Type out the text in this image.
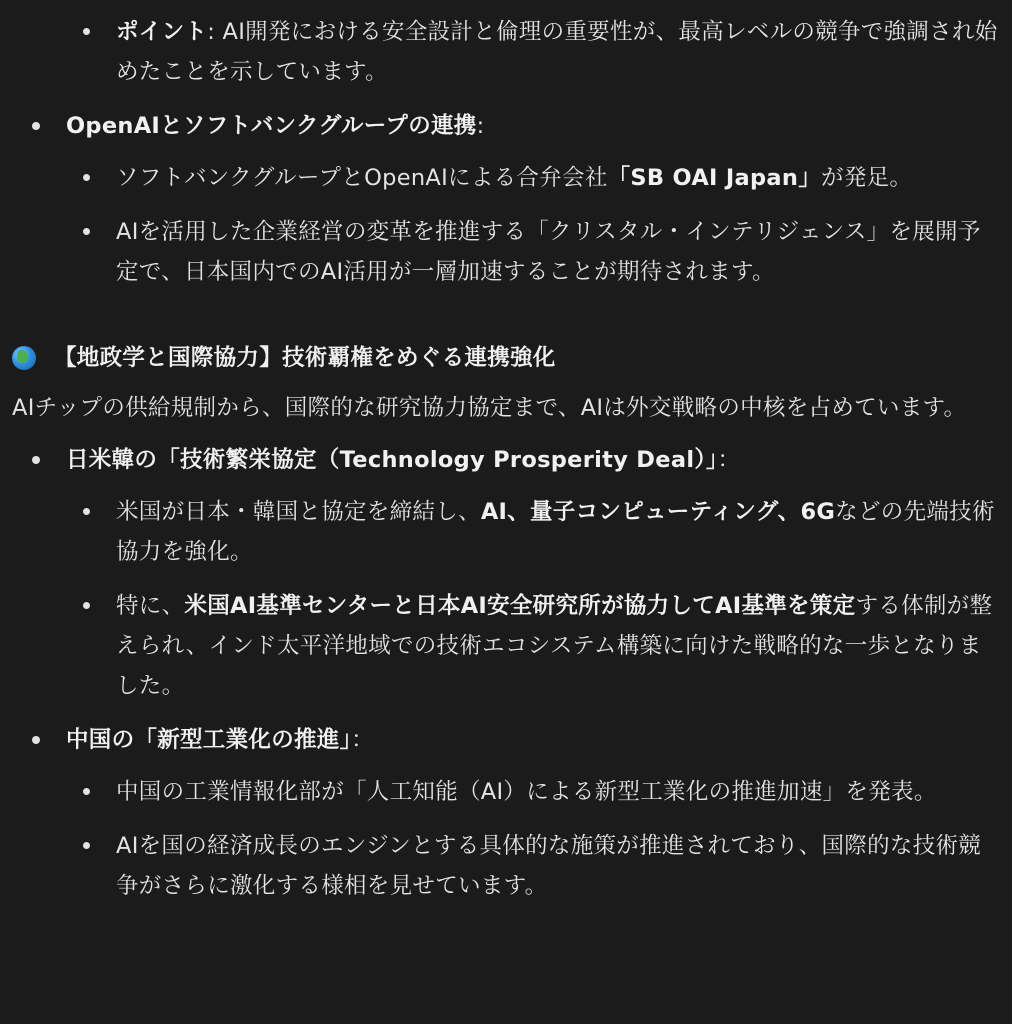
ポイント: AI開発における安全設計と倫理の重要性が、最高レベルの競争で強調され始めたことを示しています。
OpenAIとソフトバンクグループの連携:
ソフトバンクグループとOpenAIによる合弁会社「SB OAI Japan」が発足。
AIを活用した企業経営の変革を推進する「クリスタル・インテリジェンス」を展開予定で、日本国内でのAI活用が一層加速することが期待されます。
【地政学と国際協力】技術覇権をめぐる連携強化
AIチップの供給規制から、国際的な研究協力協定まで、AIは外交戦略の中核を占めています。
日米韓の「技術繁栄協定（Technology Prosperity Deal）」：
米国が日本・韓国と協定を締結し、AI、量子コンピューティング、6Gなどの先端技術協力を強化。
特に、米国AI基準センターと日本AI安全研究所が協力してAI基準を策定する体制が整えられ、インド太平洋地域での技術エコシステム構築に向けた戦略的な一歩となりました。
中国の「新型工業化の推進」：
中国の工業情報化部が「人工知能（AI）による新型工業化の推進加速」を発表。
AIを国の経済成長のエンジンとする具体的な施策が推進されており、国際的な技術競争がさらに激化する様相を見せています。
